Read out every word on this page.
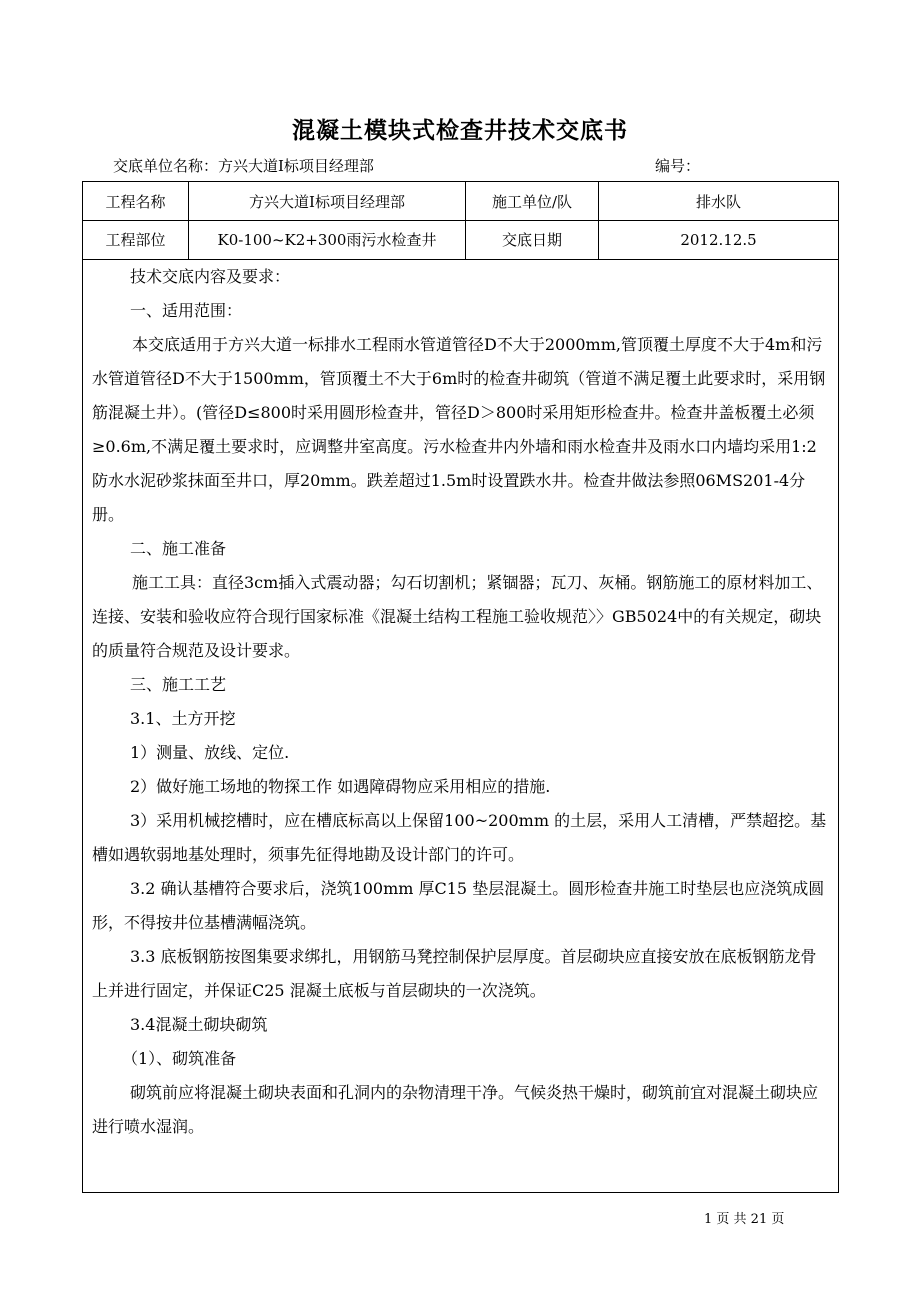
混凝土模块式检查井技术交底书
交底单位名称：方兴大道Ⅰ标项目经理部	编号：
工程名称	方兴大道Ⅰ标项目经理部	施工单位/队	排水队
工程部位	K0-100~K2+300雨污水检查井	交底日期	2012.12.5

技术交底内容及要求：

一、适用范围：

本交底适用于方兴大道一标排水工程雨水管道管径D不大于2000mm,管顶覆土厚度不大于4m和污水管道管径D不大于1500mm，管顶覆土不大于6m时的检查井砌筑（管道不满足覆土此要求时，采用钢筋混凝土井）。(管径D≤800时采用圆形检查井，管径D＞800时采用矩形检查井。检查井盖板覆土必须≥0.6m,不满足覆土要求时，应调整井室高度。污水检查井内外墙和雨水检查井及雨水口内墙均采用1:2防水水泥砂浆抹面至井口，厚20mm。跌差超过1.5m时设置跌水井。检查井做法参照06MS201-4分册。

二、施工准备

施工工具：直径3cm插入式震动器；勾石切割机；紧锢器；瓦刀、灰桶。钢筋施工的原材料加工、连接、安装和验收应符合现行国家标准《混凝土结构工程施工验收规范〉〉GB5024中的有关规定，砌块的质量符合规范及设计要求。

三、施工工艺

3.1、土方开挖

1）测量、放线、定位.

2）做好施工场地的物探工作 如遇障碍物应采用相应的措施.

3）采用机械挖槽时，应在槽底标高以上保留100~200mm 的土层，采用人工清槽，严禁超挖。基槽如遇软弱地基处理时，须事先征得地勘及设计部门的许可。

3.2 确认基槽符合要求后，浇筑100mm 厚C15 垫层混凝土。圆形检查井施工时垫层也应浇筑成圆形，不得按井位基槽满幅浇筑。

3.3 底板钢筋按图集要求绑扎，用钢筋马凳控制保护层厚度。首层砌块应直接安放在底板钢筋龙骨上并进行固定，并保证C25 混凝土底板与首层砌块的一次浇筑。

3.4混凝土砌块砌筑

（1）、砌筑准备

砌筑前应将混凝土砌块表面和孔洞内的杂物清理干净。气候炎热干燥时，砌筑前宜对混凝土砌块应进行喷水湿润。

1 页 共 21 页
